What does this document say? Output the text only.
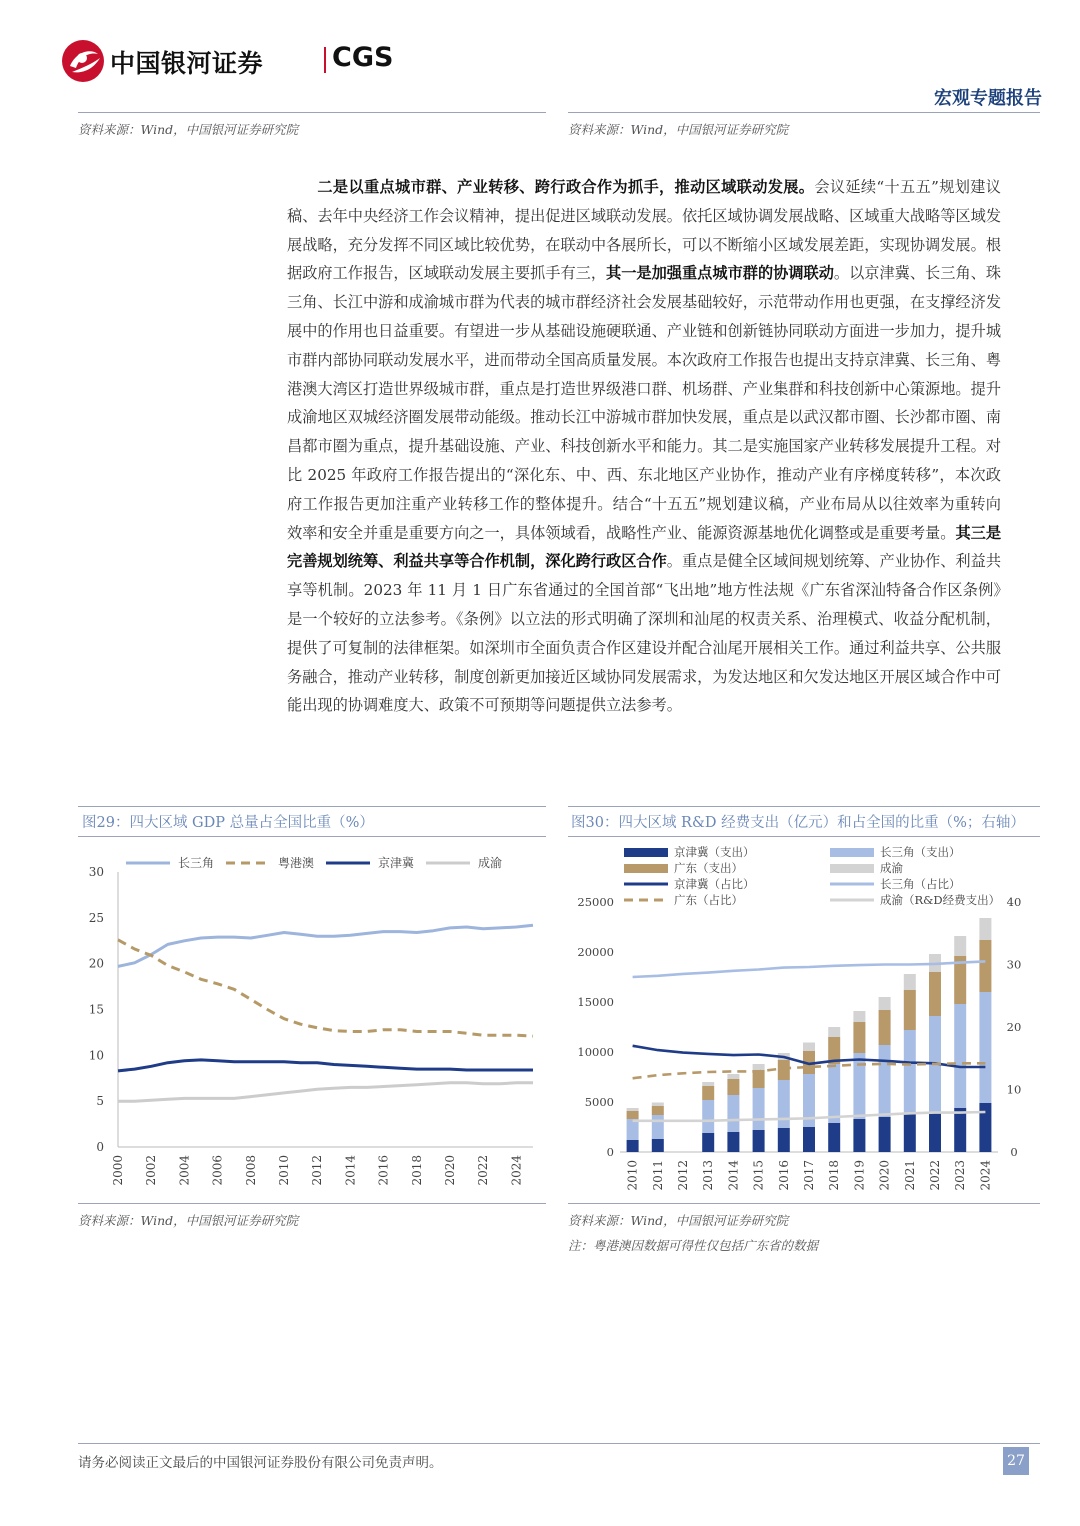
中国银河证券	CGS
宏观专题报告
资料来源：Wind，中国银河证券研究院	资料来源：Wind，中国银河证券研究院

二是以重点城市群、产业转移、跨行政合作为抓手，推动区域联动发展。会议延续“十五五”规划建议稿、去年中央经济工作会议精神，提出促进区域联动发展。依托区域协调发展战略、区域重大战略等区域发展战略，充分发挥不同区域比较优势，在联动中各展所长，可以不断缩小区域发展差距，实现协调发展。根据政府工作报告，区域联动发展主要抓手有三，其一是加强重点城市群的协调联动。以京津冀、长三角、珠三角、长江中游和成渝城市群为代表的城市群经济社会发展基础较好，示范带动作用也更强，在支撑经济发展中的作用也日益重要。有望进一步从基础设施硬联通、产业链和创新链协同联动方面进一步加力，提升城市群内部协同联动发展水平，进而带动全国高质量发展。本次政府工作报告也提出支持京津冀、长三角、粤港澳大湾区打造世界级城市群，重点是打造世界级港口群、机场群、产业集群和科技创新中心策源地。提升成渝地区双城经济圈发展带动能级。推动长江中游城市群加快发展，重点是以武汉都市圈、长沙都市圈、南昌都市圈为重点，提升基础设施、产业、科技创新水平和能力。其二是实施国家产业转移发展提升工程。对比 2025 年政府工作报告提出的“深化东、中、西、东北地区产业协作，推动产业有序梯度转移”，本次政府工作报告更加注重产业转移工作的整体提升。结合“十五五”规划建议稿，产业布局从以往效率为重转向效率和安全并重是重要方向之一，具体领域看，战略性产业、能源资源基地优化调整或是重要考量。其三是完善规划统筹、利益共享等合作机制，深化跨行政区合作。重点是健全区域间规划统筹、产业协作、利益共享等机制。2023 年 11 月 1 日广东省通过的全国首部“飞出地”地方性法规《广东省深汕特备合作区条例》是一个较好的立法参考。《条例》以立法的形式明确了深圳和汕尾的权责关系、治理模式、收益分配机制，提供了可复制的法律框架。如深圳市全面负责合作区建设并配合汕尾开展相关工作。通过利益共享、公共服务融合，推动产业转移，制度创新更加接近区域协同发展需求，为发达地区和欠发达地区开展区域合作中可能出现的协调难度大、政策不可预期等问题提供立法参考。

图29：四大区域 GDP 总量占全国比重（%）
0
5
10
15
20
25
30
2000 2002 2004 2006 2008 2010 2012 2014 2016 2018 2020 2022 2024
长三角	粤港澳	京津冀	成渝
资料来源：Wind，中国银河证券研究院
图30：四大区域 R&D 经费支出（亿元）和占全国的比重（%；右轴）
0
5000
10000
15000
20000
25000
0
10
20
30
40
2010 2011 2012 2013 2014 2015 2016 2017 2018 2019 2020 2021 2022 2023 2024
京津冀（支出）	长三角（支出）
广东（支出）	成渝
京津冀（占比）	长三角（占比）
广东（占比）	成渝（R&D经费支出）
资料来源：Wind，中国银河证券研究院
注：粤港澳因数据可得性仅包括广东省的数据
请务必阅读正文最后的中国银河证券股份有限公司免责声明。	27
